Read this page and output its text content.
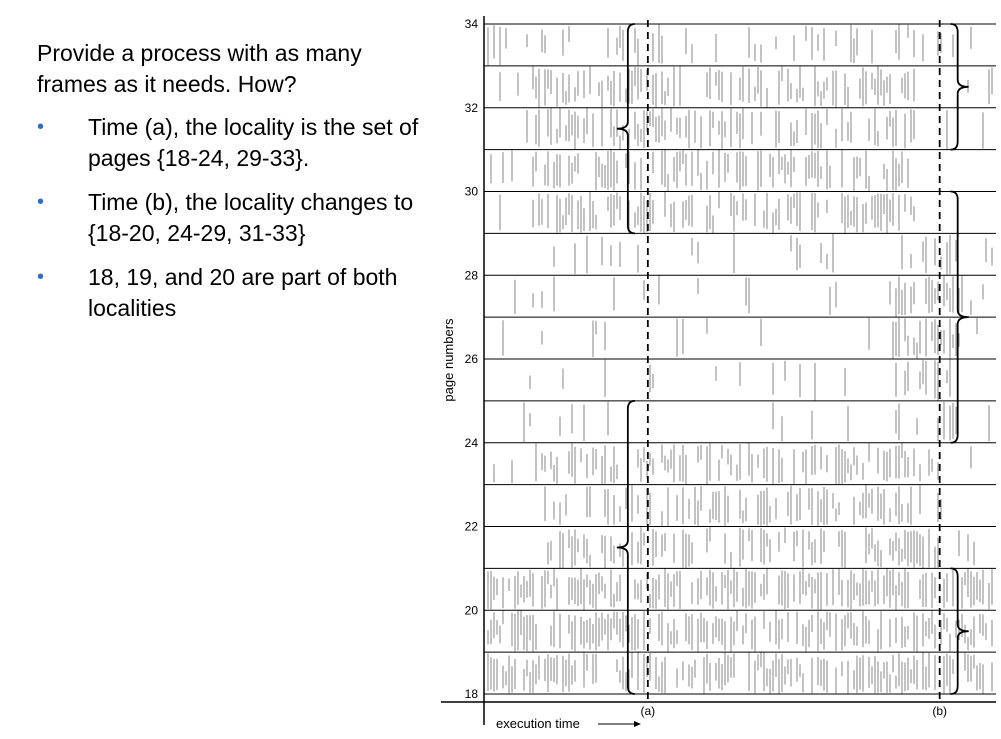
Provide a process with as many frames as it needs. How?

• Time (a), the locality is the set of pages {18-24, 29-33}.
• Time (b), the locality changes to {18-20, 24-29, 31-33}
• 18, 19, and 20 are part of both localities
18
20
22
24
26
28
30
32
34
(a)	(b)
page numbers
execution time
